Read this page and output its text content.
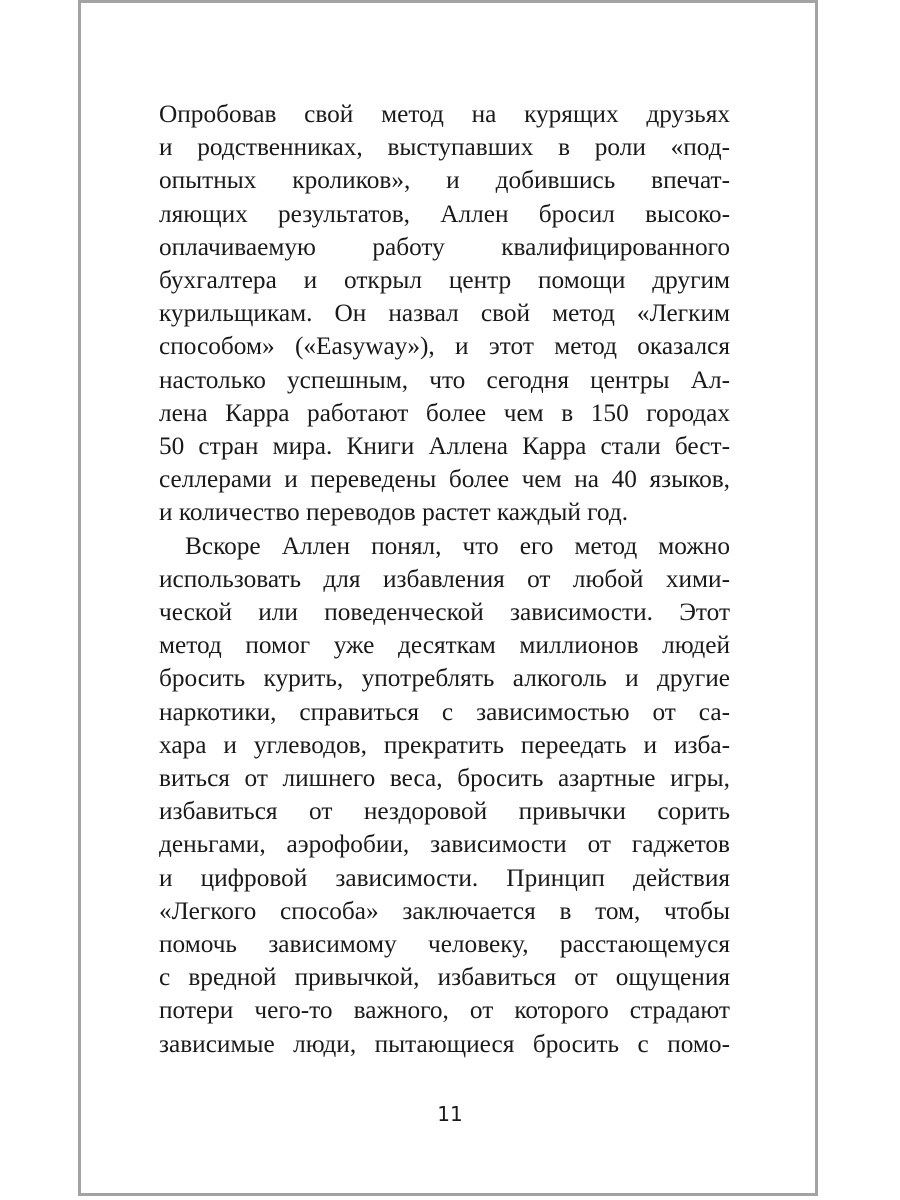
Опробовав свой метод на курящих друзьях
и родственниках, выступавших в роли «под-
опытных кроликов», и добившись впечат-
ляющих результатов, Аллен бросил высоко-
оплачиваемую работу квалифицированного
бухгалтера и открыл центр помощи другим
курильщикам. Он назвал свой метод «Легким
способом» («Easyway»), и этот метод оказался
настолько успешным, что сегодня центры Ал-
лена Карра работают более чем в 150 городах
50 стран мира. Книги Аллена Карра стали бест-
селлерами и переведены более чем на 40 языков,
и количество переводов растет каждый год.

Вскоре Аллен понял, что его метод можно
использовать для избавления от любой хими-
ческой или поведенческой зависимости. Этот
метод помог уже десяткам миллионов людей
бросить курить, употреблять алкоголь и другие
наркотики, справиться с зависимостью от са-
хара и углеводов, прекратить переедать и изба-
виться от лишнего веса, бросить азартные игры,
избавиться от нездоровой привычки сорить
деньгами, аэрофобии, зависимости от гаджетов
и цифровой зависимости. Принцип действия
«Легкого способа» заключается в том, чтобы
помочь зависимому человеку, расстающемуся
с вредной привычкой, избавиться от ощущения
потери чего-то важного, от которого страдают
зависимые люди, пытающиеся бросить с помо-

11
